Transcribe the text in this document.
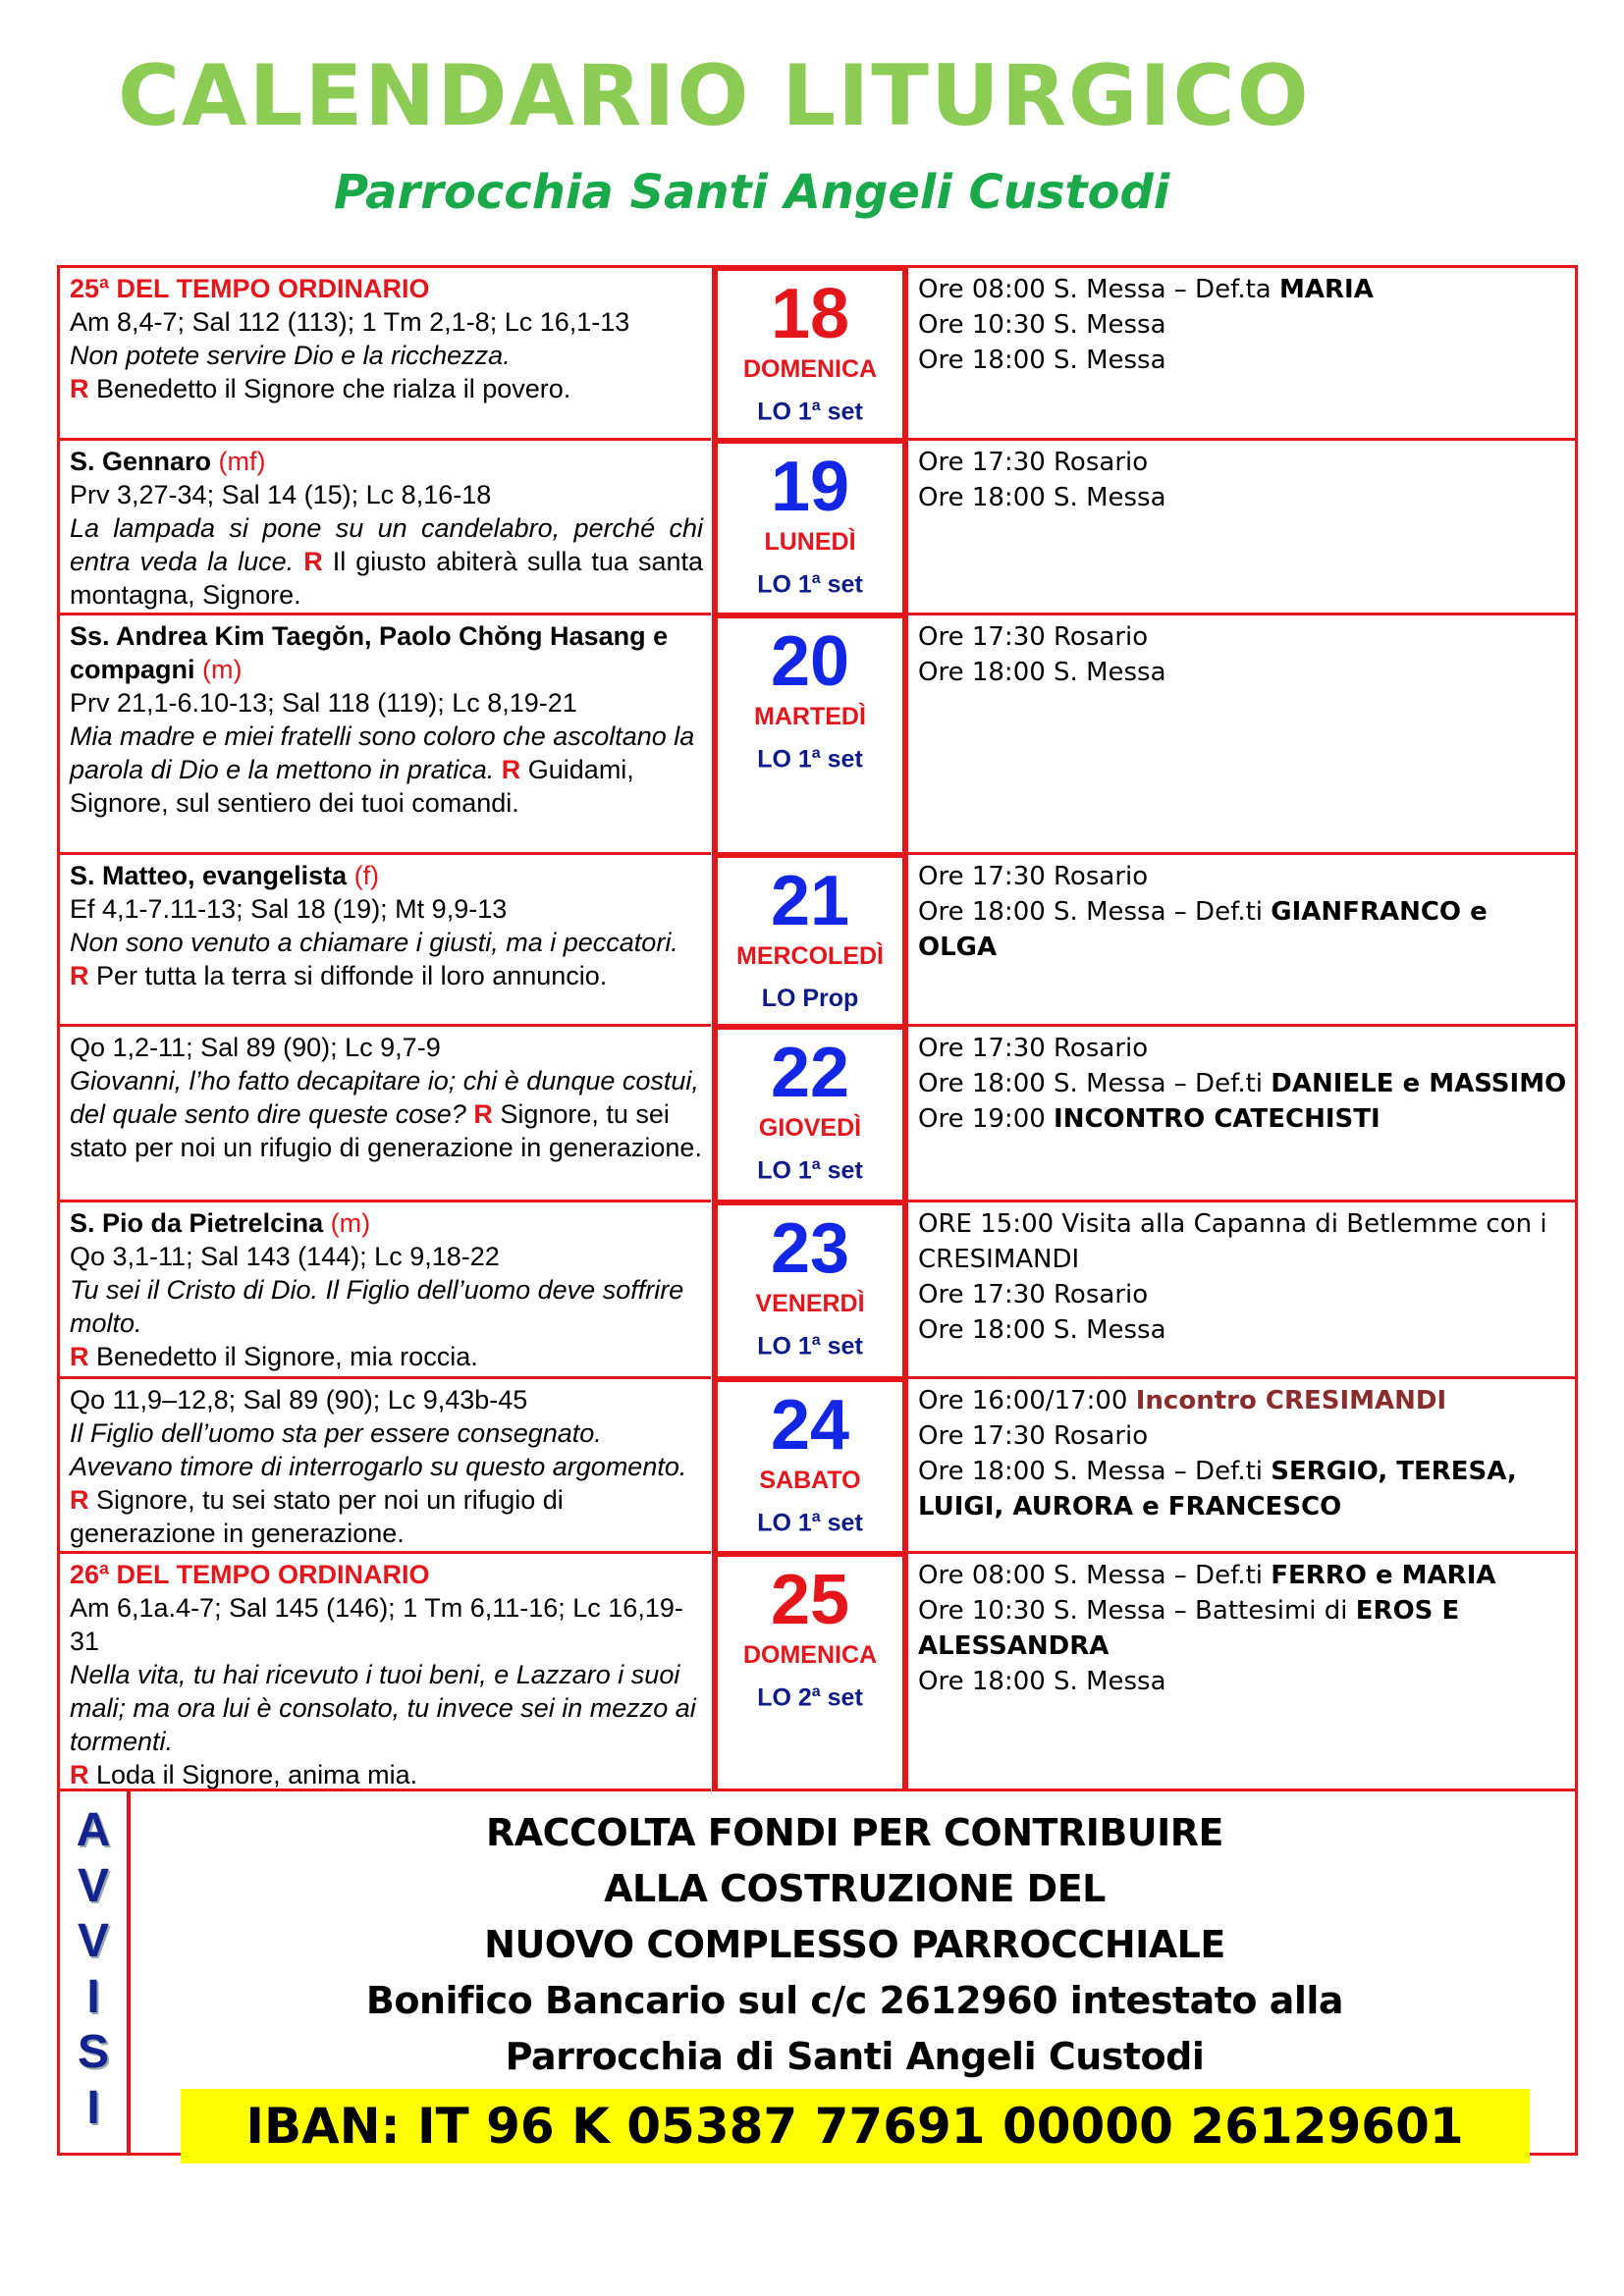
CALENDARIO LITURGICO
Parrocchia Santi Angeli Custodi
A
V
V
I
S
I
RACCOLTA FONDI PER CONTRIBUIRE
ALLA COSTRUZIONE DEL
NUOVO COMPLESSO PARROCCHIALE
Bonifico Bancario sul c/c 2612960 intestato alla
Parrocchia di Santi Angeli Custodi
IBAN: IT 96 K 05387 77691 00000 26129601
25ª DEL TEMPO ORDINARIO
Am 8,4-7; Sal 112 (113); 1 Tm 2,1-8; Lc 16,1-13
Non potete servire Dio e la ricchezza.
R Benedetto il Signore che rialza il povero.
18
DOMENICA
LO 1$^a$ set
Ore 08:00 S. Messa – Def.ta MARIA
Ore 10:30 S. Messa
Ore 18:00 S. Messa
S. Gennaro (mf)
Prv 3,27-34; Sal 14 (15); Lc 8,16-18
La lampada si pone su un candelabro, perché chi entra veda la luce. R Il giusto abiterà sulla tua santa montagna, Signore.
19
LUNEDÌ
LO 1$^a$ set
Ore 17:30 Rosario
Ore 18:00 S. Messa
Ss. Andrea Kim Taegŏn, Paolo Chŏng Hasang e compagni (m)
Prv 21,1-6.10-13; Sal 118 (119); Lc 8,19-21
Mia madre e miei fratelli sono coloro che ascoltano la parola di Dio e la mettono in pratica. R Guidami, Signore, sul sentiero dei tuoi comandi.
20
MARTEDÌ
LO 1$^a$ set
Ore 17:30 Rosario
Ore 18:00 S. Messa
S. Matteo, evangelista (f)
Ef 4,1-7.11-13; Sal 18 (19); Mt 9,9-13
Non sono venuto a chiamare i giusti, ma i peccatori. R Per tutta la terra si diffonde il loro annuncio.
21
MERCOLEDÌ
LO Prop
Ore 17:30 Rosario
Ore 18:00 S. Messa – Def.ti GIANFRANCO e OLGA
Qo 1,2-11; Sal 89 (90); Lc 9,7-9
Giovanni, l’ho fatto decapitare io; chi è dunque costui, del quale sento dire queste cose? R Signore, tu sei stato per noi un rifugio di generazione in generazione.
22
GIOVEDÌ
LO 1$^a$ set
Ore 17:30 Rosario
Ore 18:00 S. Messa – Def.ti DANIELE e MASSIMO
Ore 19:00 INCONTRO CATECHISTI
S. Pio da Pietrelcina (m)
Qo 3,1-11; Sal 143 (144); Lc 9,18-22
Tu sei il Cristo di Dio. Il Figlio dell’uomo deve soffrire molto.
R Benedetto il Signore, mia roccia.
23
VENERDÌ
LO 1$^a$ set
ORE 15:00 Visita alla Capanna di Betlemme con i CRESIMANDI
Ore 17:30 Rosario
Ore 18:00 S. Messa
Qo 11,9–12,8; Sal 89 (90); Lc 9,43b-45
Il Figlio dell’uomo sta per essere consegnato. Avevano timore di interrogarlo su questo argomento. R Signore, tu sei stato per noi un rifugio di generazione in generazione.
24
SABATO
LO 1$^a$ set
Ore 16:00/17:00 Incontro CRESIMANDI
Ore 17:30 Rosario
Ore 18:00 S. Messa – Def.ti SERGIO, TERESA, LUIGI, AURORA e FRANCESCO
26ª DEL TEMPO ORDINARIO
Am 6,1a.4-7; Sal 145 (146); 1 Tm 6,11-16; Lc 16,19-31
Nella vita, tu hai ricevuto i tuoi beni, e Lazzaro i suoi mali; ma ora lui è consolato, tu invece sei in mezzo ai tormenti.
R Loda il Signore, anima mia.
25
DOMENICA
LO 2$^a$ set
Ore 08:00 S. Messa – Def.ti FERRO e MARIA
Ore 10:30 S. Messa – Battesimi di EROS E ALESSANDRA
Ore 18:00 S. Messa
